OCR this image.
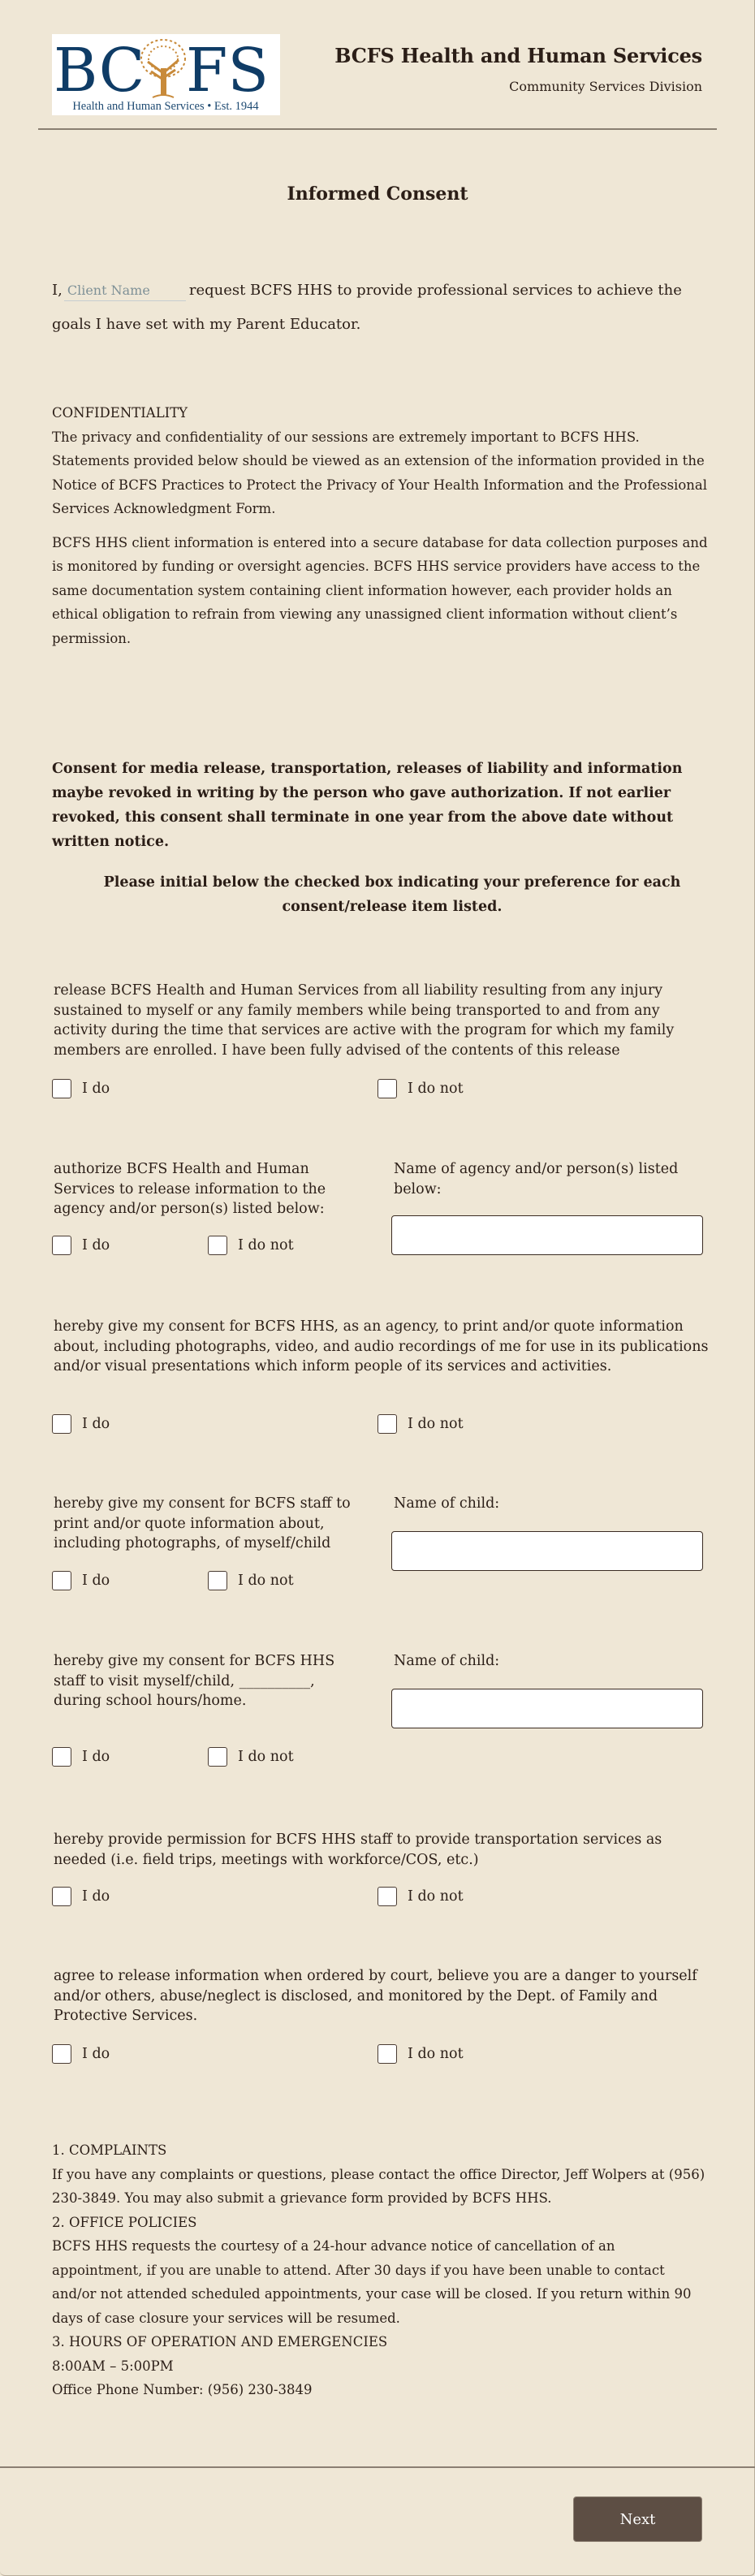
BC FS
Health and Human Services • Est. 1944
BCFS Health and Human Services
Community Services Division
Informed Consent
I,Client Name	request BCFS HHS to provide professional services to achieve the goals I have set with my Parent Educator.
CONFIDENTIALITY

The privacy and confidentiality of our sessions are extremely important to BCFS HHS. Statements provided below should be viewed as an extension of the information provided in the Notice of BCFS Practices to Protect the Privacy of Your Health Information and the Professional Services Acknowledgment Form.

BCFS HHS client information is entered into a secure database for data collection purposes and is monitored by funding or oversight agencies. BCFS HHS service providers have access to the same documentation system containing client information however, each provider holds an ethical obligation to refrain from viewing any unassigned client information without client’s permission.

Consent for media release, transportation, releases of liability and information maybe revoked in writing by the person who gave authorization. If not earlier revoked, this consent shall terminate in one year from the above date without written notice.
Please initial below the checked box indicating your preference for each consent/release item listed.
release BCFS Health and Human Services from all liability resulting from any injury sustained to myself or any family members while being transported to and from any activity during the time that services are active with the program for which my family members are enrolled. I have been fully advised of the contents of this release
I do	I do not
authorize BCFS Health and Human Services to release information to the agency and/or person(s) listed below:
I do	I do not
Name of agency and/or person(s) listed below:
hereby give my consent for BCFS HHS, as an agency, to print and/or quote information about, including photographs, video, and audio recordings of me for use in its publications and/or visual presentations which inform people of its services and activities.
I do	I do not
hereby give my consent for BCFS staff to print and/or quote information about, including photographs, of myself/child
I do	I do not
Name of child:
hereby give my consent for BCFS HHS staff to visit myself/child, __________, during school hours/home.
I do	I do not
Name of child:
hereby provide permission for BCFS HHS staff to provide transportation services as needed (i.e. field trips, meetings with workforce/COS, etc.)
I do	I do not
agree to release information when ordered by court, believe you are a danger to yourself and/or others, abuse/neglect is disclosed, and monitored by the Dept. of Family and Protective Services.
I do	I do not
1. COMPLAINTS
If you have any complaints or questions, please contact the office Director, Jeff Wolpers at (956) 230-3849. You may also submit a grievance form provided by BCFS HHS.
2. OFFICE POLICIES
BCFS HHS requests the courtesy of a 24-hour advance notice of cancellation of an appointment, if you are unable to attend. After 30 days if you have been unable to contact and/or not attended scheduled appointments, your case will be closed. If you return within 90 days of case closure your services will be resumed.
3. HOURS OF OPERATION AND EMERGENCIES
8:00AM – 5:00PM
Office Phone Number: (956) 230-3849
Next
